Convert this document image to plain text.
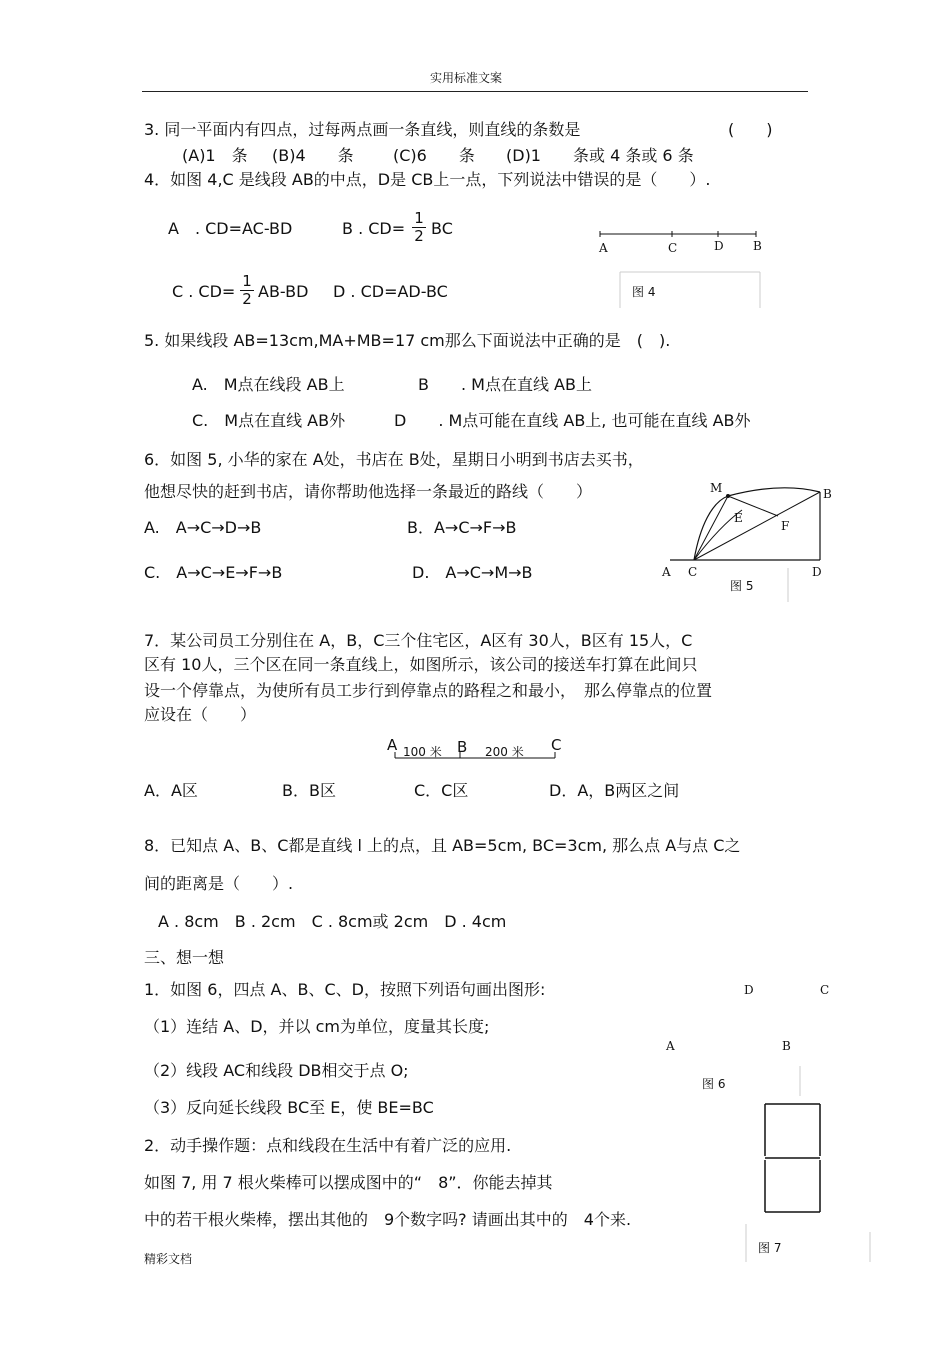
实用标准文案
3. 同一平面内有四点，过每两点画一条直线，则直线的条数是	(　　)
(A)1　条 (B)4　　条 (C)6　　条 (D)1　　条或 4 条或 6 条
4．如图 4,C 是线段 AB的中点，D是 CB上一点，下列说法中错误的是（　　）.
A　. CD=AC-BD	B . $CD= \frac{1}{2}$ BC
C . $CD= \frac{1}{2} AB-BD$ D . CD=AD-BC
A	C	D B
图 4
5. 如果线段 AB=13cm,MA+MB=17 cm那么下面说法中正确的是　(　).
A.　M点在线段 AB上	B　　. M点在直线 AB上
C.　M点在直线 AB外	D　　. M点可能在直线 AB上, 也可能在直线 AB外
6．如图 5, 小华的家在 A处，书店在 B处，星期日小明到书店去买书，
他想尽快的赶到书店，请你帮助他选择一条最近的路线（　　）
A.　A→C→D→B	B．A→C→F→B
C.　A→C→E→F→B	D.　A→C→M→B
M	B
E
F
A C	D
图 5
7．某公司员工分别住在 A，B，C三个住宅区，A区有 30人，B区有 15人，C
区有 10人，三个区在同一条直线上，如图所示，该公司的接送车打算在此间只
设一个停靠点，为使所有员工步行到停靠点的路程之和最小，　那么停靠点的位置
应设在（　　）
A	B	C
100 米	200 米
A．A区	B．B区	C．C区	D．A，B两区之间
8．已知点 A、B、C都是直线 l 上的点，且 AB=5cm, BC=3cm, 那么点 A与点 C之
间的距离是（　　）.
A . 8cm　B . 2cm　C . 8cm或 2cm　D . 4cm
三、想一想
1．如图 6，四点 A、B、C、D，按照下列语句画出图形:
（1）连结 A、D，并以 cm为单位，度量其长度;
（2）线段 AC和线段 DB相交于点 O;
（3）反向延长线段 BC至 E，使 BE=BC
D	C
A	B
图 6
2．动手操作题：点和线段在生活中有着广泛的应用.
如图 7, 用 7 根火柴棒可以摆成图中的“　8”．你能去掉其
中的若干根火柴棒，摆出其他的　9个数字吗? 请画出其中的　4个来.
图 7
精彩文档
